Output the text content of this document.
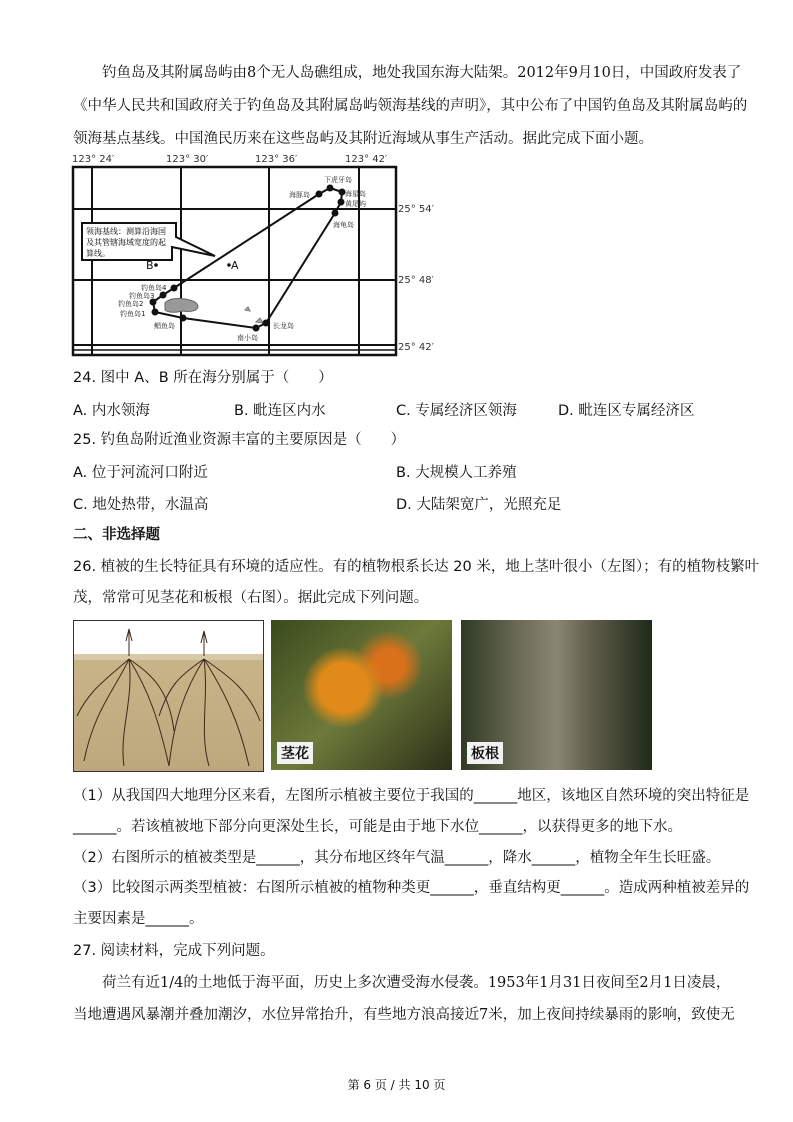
钓鱼岛及其附属岛屿由8个无人岛礁组成，地处我国东海大陆架。2012年9月10日，中国政府发表了
《中华人民共和国政府关于钓鱼岛及其附属岛屿领海基线的声明》，其中公布了中国钓鱼岛及其附属岛屿的
领海基点基线。中国渔民历来在这些岛屿及其附近海域从事生产活动。据此完成下面小题。
123° 24′	123° 30′	123° 36′	123° 42′
25° 54′
25° 48′
25° 42′
领海基线：测算沿海国
及其管辖海域宽度的起
算线。
B	A
下虎牙岛
海豚岛	海星岛
黄尾屿
海龟岛
钓鱼岛4
钓鱼岛3
钓鱼岛2
钓鱼岛1
鲳鱼岛
南小岛
长龙岛
24. 图中 A、B 所在海分别属于（　　）
A. 内水领海	B. 毗连区内水	C. 专属经济区领海	D. 毗连区专属经济区
25. 钓鱼岛附近渔业资源丰富的主要原因是（　　）
A. 位于河流河口附近	B. 大规模人工养殖
C. 地处热带，水温高	D. 大陆架宽广，光照充足
二、非选择题
26. 植被的生长特征具有环境的适应性。有的植物根系长达 20 米，地上茎叶很小（左图）；有的植物枝繁叶
茂，常常可见茎花和板根（右图）。据此完成下列问题。
茎花	板根
（1）从我国四大地理分区来看，左图所示植被主要位于我国的______地区，该地区自然环境的突出特征是
______。若该植被地下部分向更深处生长，可能是由于地下水位______，以获得更多的地下水。
（2）右图所示的植被类型是______，其分布地区终年气温______，降水______，植物全年生长旺盛。
（3）比较图示两类型植被：右图所示植被的植物种类更______，垂直结构更______。造成两种植被差异的
主要因素是______。
27. 阅读材料，完成下列问题。
荷兰有近1/4的土地低于海平面，历史上多次遭受海水侵袭。1953年1月31日夜间至2月1日凌晨，
当地遭遇风暴潮并叠加潮汐，水位异常抬升，有些地方浪高接近7米，加上夜间持续暴雨的影响，致使无
第 6 页 / 共 10 页
